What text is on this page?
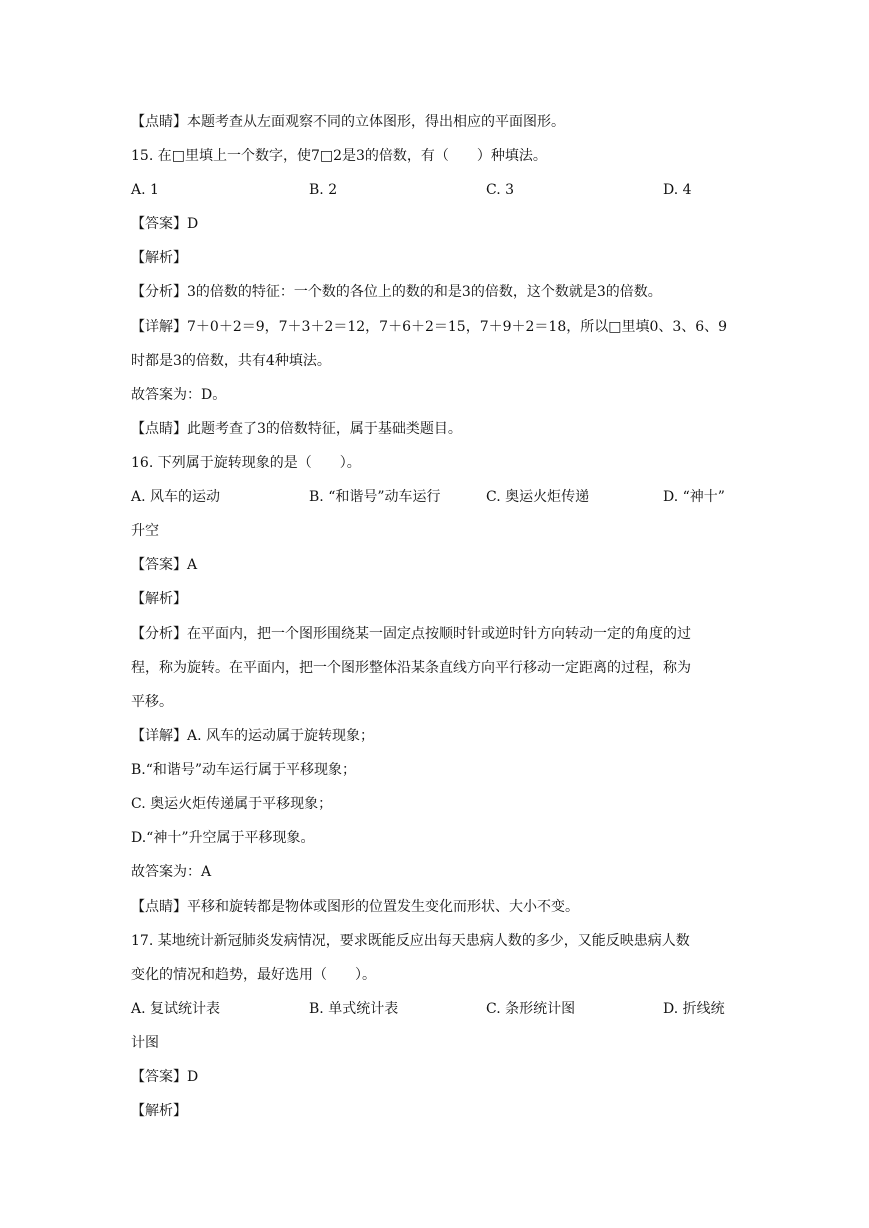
【点睛】本题考查从左面观察不同的立体图形，得出相应的平面图形。
15. 在□里填上一个数字，使7□2是3的倍数，有（　　）种填法。
A. 1	B. 2	C. 3	D. 4
【答案】D
【解析】
【分析】3的倍数的特征：一个数的各位上的数的和是3的倍数，这个数就是3的倍数。
【详解】7＋0＋2＝9，7＋3＋2＝12，7＋6＋2＝15，7＋9＋2＝18，所以□里填0、3、6、9
时都是3的倍数，共有4种填法。
故答案为：D。
【点睛】此题考查了3的倍数特征，属于基础类题目。
16. 下列属于旋转现象的是（　　）。
A. 风车的运动	B. “和谐号”动车运行	C. 奥运火炬传递	D. “神十”
升空
【答案】A
【解析】
【分析】在平面内，把一个图形围绕某一固定点按顺时针或逆时针方向转动一定的角度的过
程，称为旋转。在平面内，把一个图形整体沿某条直线方向平行移动一定距离的过程，称为
平移。
【详解】A. 风车的运动属于旋转现象；
B.“和谐号”动车运行属于平移现象；
C. 奥运火炬传递属于平移现象；
D.“神十”升空属于平移现象。
故答案为：A
【点睛】平移和旋转都是物体或图形的位置发生变化而形状、大小不变。
17. 某地统计新冠肺炎发病情况，要求既能反应出每天患病人数的多少，又能反映患病人数
变化的情况和趋势，最好选用（　　）。
A. 复试统计表	B. 单式统计表	C. 条形统计图	D. 折线统
计图
【答案】D
【解析】
